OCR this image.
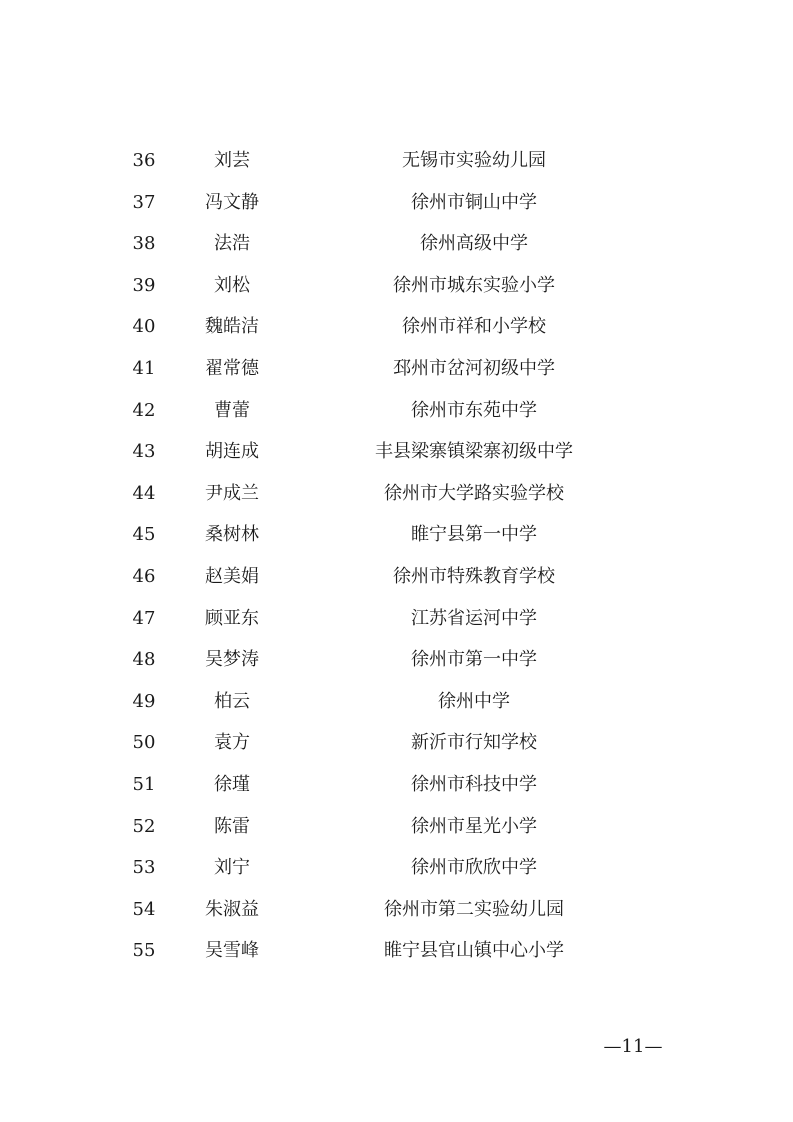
36	刘芸	无锡市实验幼儿园
37	冯文静	徐州市铜山中学
38	法浩	徐州高级中学
39	刘松	徐州市城东实验小学
40	魏皓洁	徐州市祥和小学校
41	翟常德	邳州市岔河初级中学
42	曹蕾	徐州市东苑中学
43	胡连成	丰县梁寨镇梁寨初级中学
44	尹成兰	徐州市大学路实验学校
45	桑树林	睢宁县第一中学
46	赵美娟	徐州市特殊教育学校
47	顾亚东	江苏省运河中学
48	吴梦涛	徐州市第一中学
49	柏云	徐州中学
50	袁方	新沂市行知学校
51	徐瑾	徐州市科技中学
52	陈雷	徐州市星光小学
53	刘宁	徐州市欣欣中学
54	朱淑益	徐州市第二实验幼儿园
55	吴雪峰	睢宁县官山镇中心小学
—11—
